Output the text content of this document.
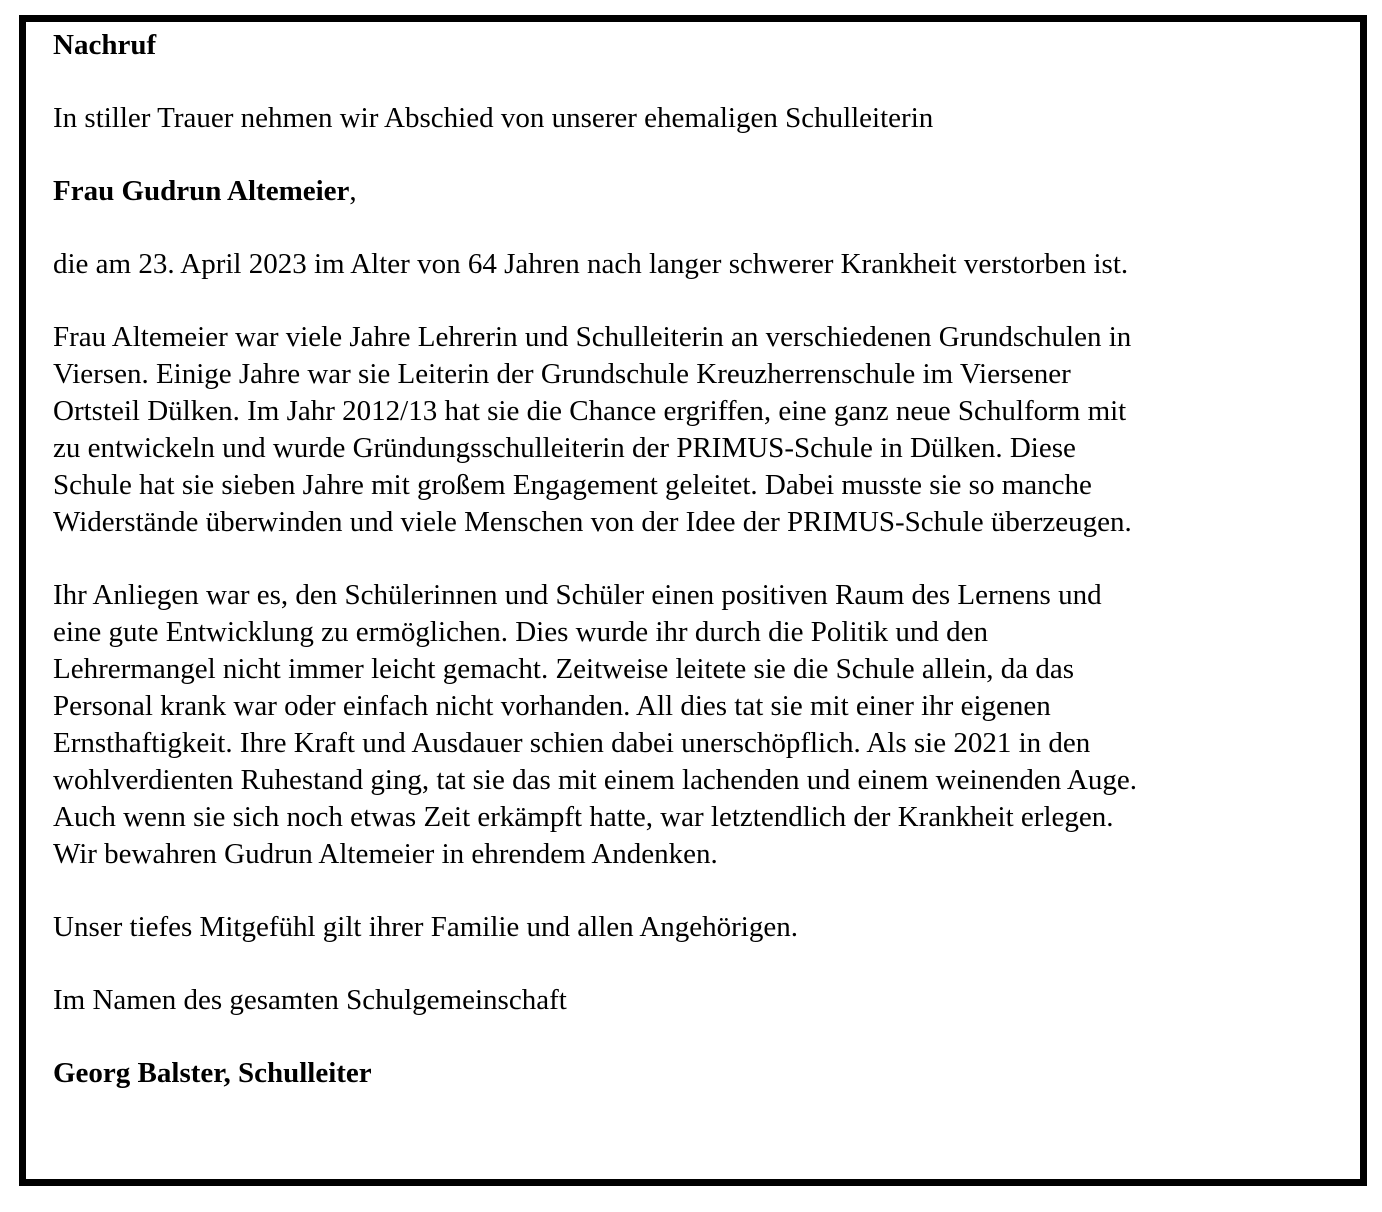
Nachruf

In stiller Trauer nehmen wir Abschied von unserer ehemaligen Schulleiterin

Frau Gudrun Altemeier,

die am 23. April 2023 im Alter von 64 Jahren nach langer schwerer Krankheit verstorben ist.

Frau Altemeier war viele Jahre Lehrerin und Schulleiterin an verschiedenen Grundschulen in

Viersen. Einige Jahre war sie Leiterin der Grundschule Kreuzherrenschule im Viersener

Ortsteil Dülken. Im Jahr 2012/13 hat sie die Chance ergriffen, eine ganz neue Schulform mit

zu entwickeln und wurde Gründungsschulleiterin der PRIMUS-Schule in Dülken. Diese

Schule hat sie sieben Jahre mit großem Engagement geleitet. Dabei musste sie so manche

Widerstände überwinden und viele Menschen von der Idee der PRIMUS-Schule überzeugen.

Ihr Anliegen war es, den Schülerinnen und Schüler einen positiven Raum des Lernens und

eine gute Entwicklung zu ermöglichen. Dies wurde ihr durch die Politik und den

Lehrermangel nicht immer leicht gemacht. Zeitweise leitete sie die Schule allein, da das

Personal krank war oder einfach nicht vorhanden. All dies tat sie mit einer ihr eigenen

Ernsthaftigkeit. Ihre Kraft und Ausdauer schien dabei unerschöpflich. Als sie 2021 in den

wohlverdienten Ruhestand ging, tat sie das mit einem lachenden und einem weinenden Auge.

Auch wenn sie sich noch etwas Zeit erkämpft hatte, war letztendlich der Krankheit erlegen.

Wir bewahren Gudrun Altemeier in ehrendem Andenken.

Unser tiefes Mitgefühl gilt ihrer Familie und allen Angehörigen.

Im Namen des gesamten Schulgemeinschaft

Georg Balster, Schulleiter
